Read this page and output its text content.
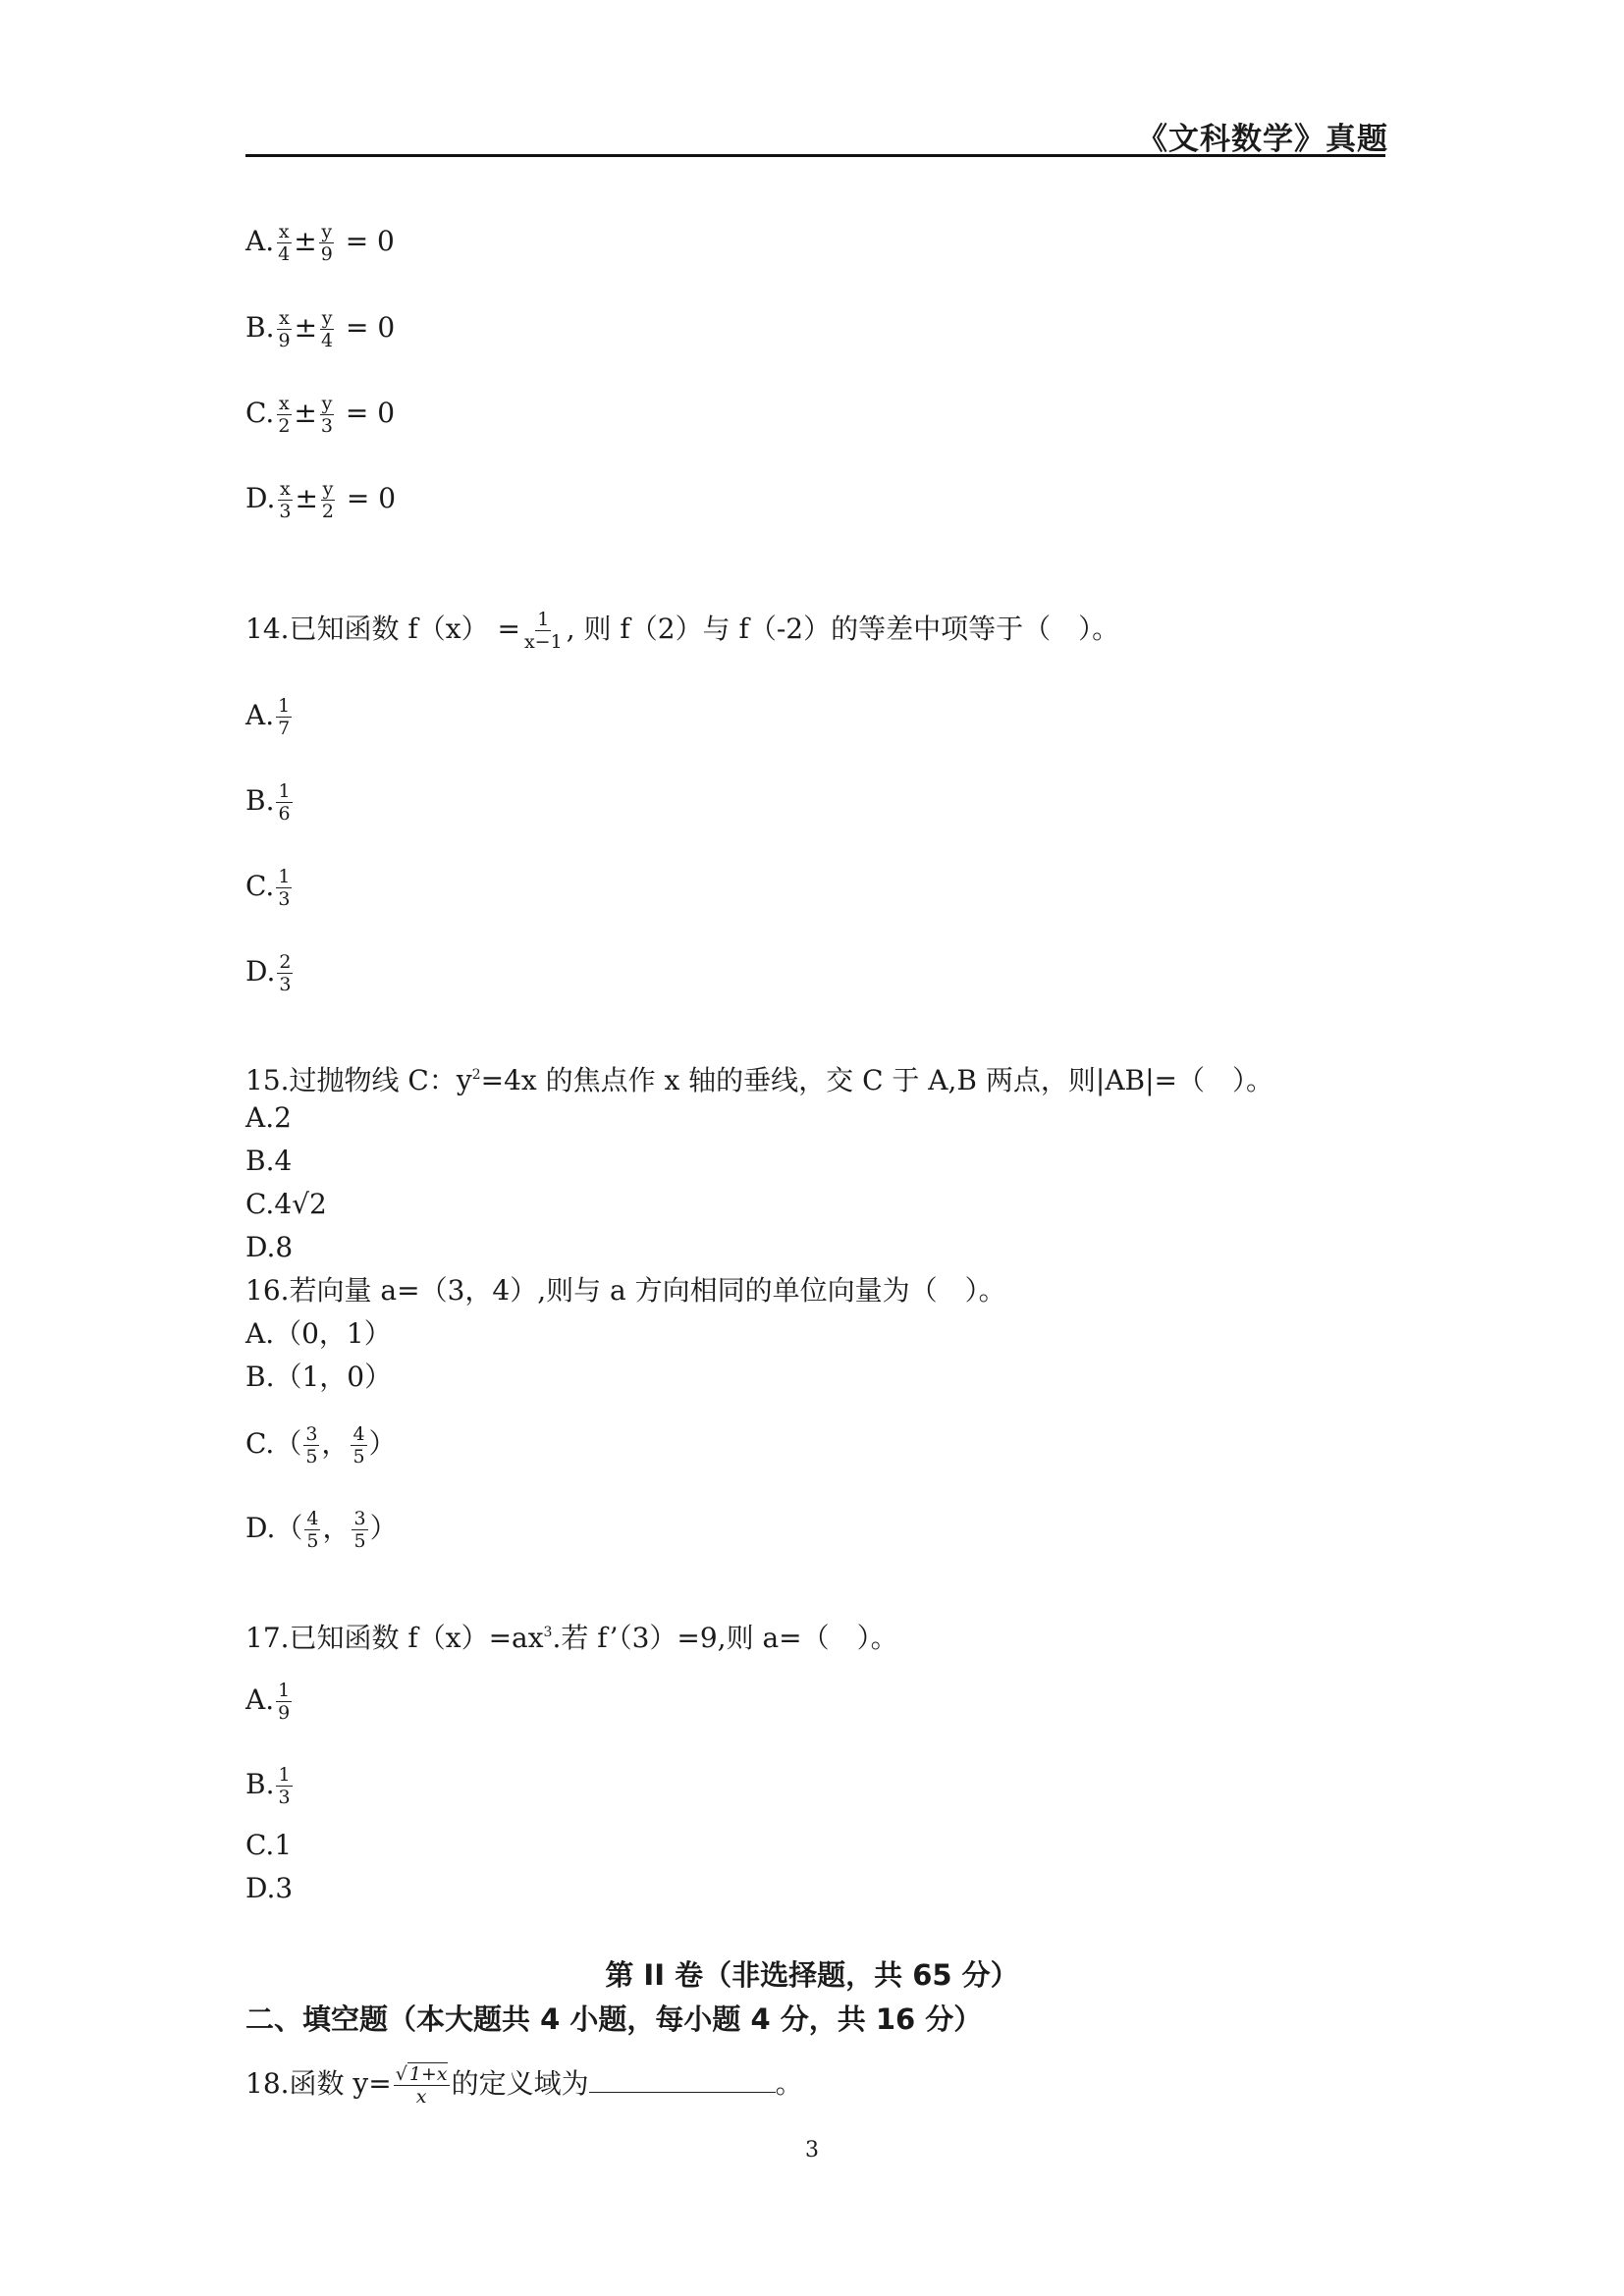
《文科数学》真题
A. $\frac{x}{4} \pm \frac{y}{9} = 0$
B. $\frac{x}{9} \pm \frac{y}{4} = 0$
C. $\frac{x}{2} \pm \frac{y}{3} = 0$
D. $\frac{x}{3} \pm \frac{y}{2} = 0$
14.已知函数 $f(x) = \frac{1}{x-1}$ , 则 f（2）与 f（-2）的等差中项等于（　）。
A. $\frac{1}{7}$
B. $\frac{1}{6}$
C. $\frac{1}{3}$
D. $\frac{2}{3}$
15.过抛物线 C：$y^2=4x$ 的焦点作 x 轴的垂线，交 C 于 A,B 两点，则|AB|=（　）。
A.2
B.4
C.4√2
D.8
16.若向量 a=（3，4）,则与 a 方向相同的单位向量为（　）。
A.（0，1）
B.（1，0）
$C.( \frac{3}{5}$ ， $\frac{4}{5}$ ）
$D.( \frac{4}{5}$ ， $\frac{3}{5}$ ）
17.已知函数 $f(x)=ax^3$.若 f’（3）=9,则 a=（　）。
A. $\frac{1}{9}$
B. $\frac{1}{3}$
C.1
D.3
第 II 卷（非选择题，共 65 分）
二、填空题（本大题共 4 小题，每小题 4 分，共 16 分）
18.函数 $y= \frac{√ 1+x}{x}$ 的定义域为	。
3
